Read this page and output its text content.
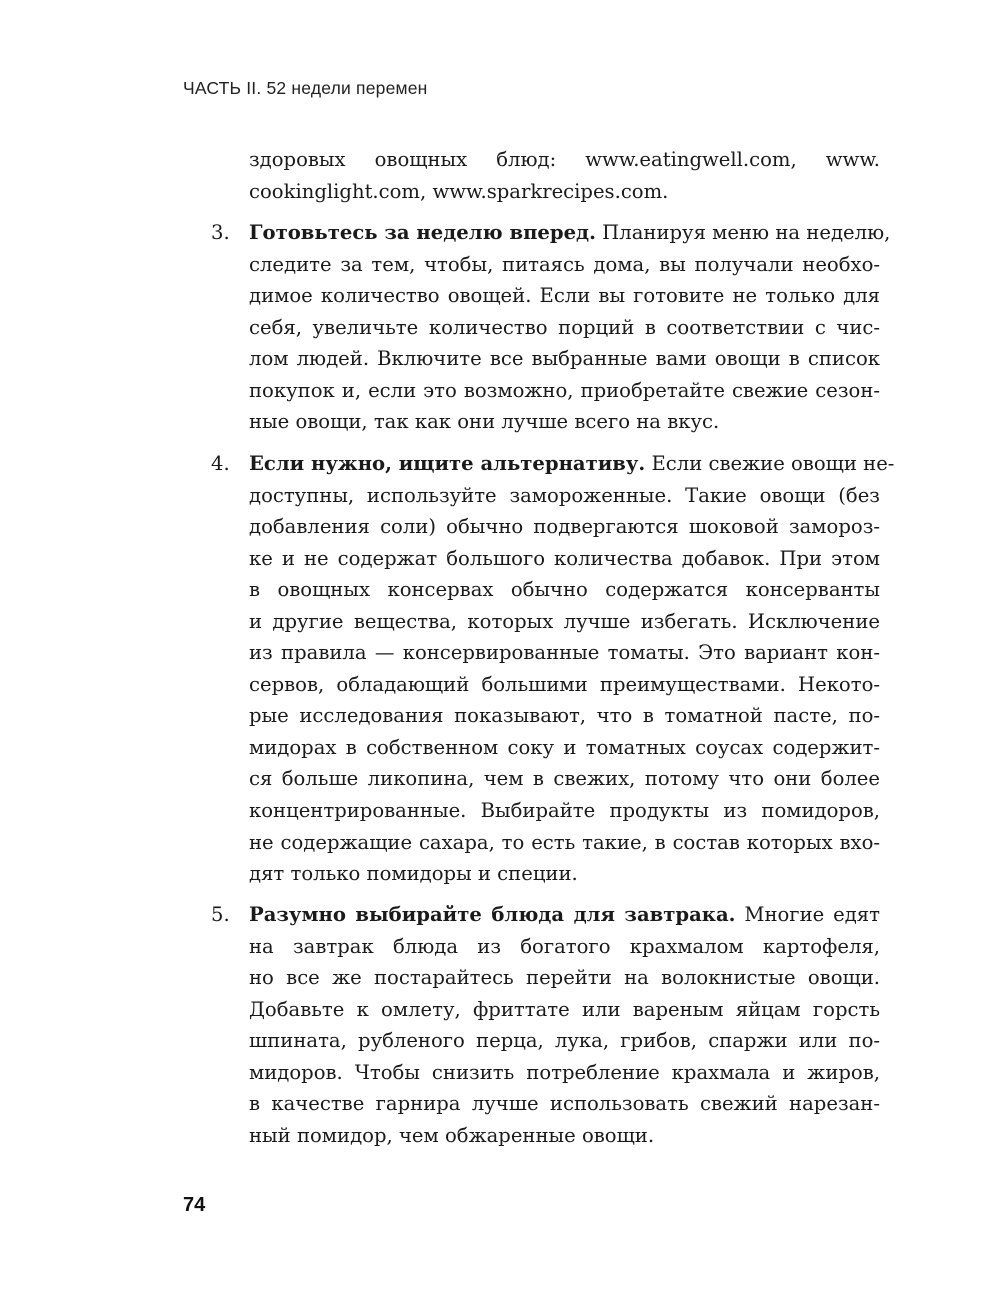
ЧАСТЬ II. 52 недели перемен
здоровых овощных блюд: www.eatingwell.com, www.
cookinglight.com, www.sparkrecipes.com.
3. Готовьтесь за неделю вперед. Планируя меню на неделю,
следите за тем, чтобы, питаясь дома, вы получали необхо-
димое количество овощей. Если вы готовите не только для
себя, увеличьте количество порций в соответствии с чис-
лом людей. Включите все выбранные вами овощи в список
покупок и, если это возможно, приобретайте свежие сезон-
ные овощи, так как они лучше всего на вкус.
4. Если нужно, ищите альтернативу. Если свежие овощи не-
доступны, используйте замороженные. Такие овощи (без
добавления соли) обычно подвергаются шоковой заморoз-
ке и не содержат большого количества добавок. При этом
в овощных консервах обычно содержатся консерванты
и другие вещества, которых лучше избегать. Исключение
из правила — консервированные томаты. Это вариант кон-
сервов, обладающий большими преимуществами. Некото-
рые исследования показывают, что в томатной пасте, по-
мидорах в собственном соку и томатных соусах содержит-
ся больше ликопина, чем в свежих, потому что они более
концентрированные. Выбирайте продукты из помидоров,
не содержащие сахара, то есть такие, в состав которых вхо-
дят только помидоры и специи.
5. Разумно выбирайте блюда для завтрака. Многие едят
на завтрак блюда из богатого крахмалом картофеля,
но все же постарайтесь перейти на волокнистые овощи.
Добавьте к омлету, фриттате или вареным яйцам горсть
шпината, рубленого перца, лука, грибов, спаржи или по-
мидоров. Чтобы снизить потребление крахмала и жиров,
в качестве гарнира лучше использовать свежий нарезан-
ный помидор, чем обжаренные овощи.
74
